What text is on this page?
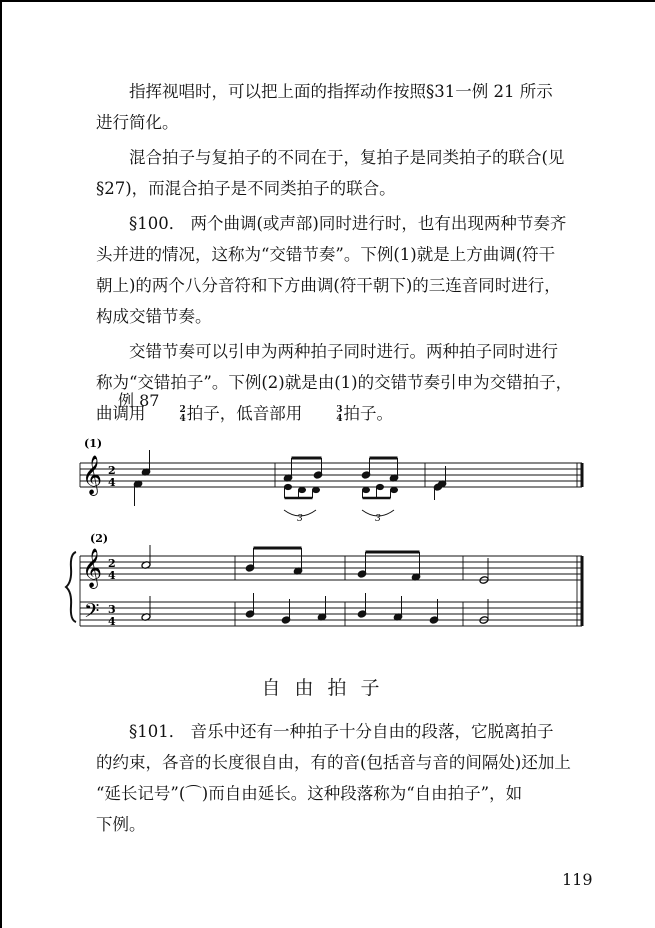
指挥视唱时，可以把上面的指挥动作按照§31一例 21 所示
进行简化。

混合拍子与复拍子的不同在于，复拍子是同类拍子的联合(见
§27)，而混合拍子是不同类拍子的联合。

§100． 两个曲调(或声部)同时进行时，也有出现两种节奏齐
头并进的情况，这称为“交错节奏”。下例(1)就是上方曲调(符干
朝上)的两个八分音符和下方曲调(符干朝下)的三连音同时进行，
构成交错节奏。

交错节奏可以引申为两种拍子同时进行。两种拍子同时进行
称为“交错拍子”。下例(2)就是由(1)的交错节奏引申为交错拍子，
曲调用	2
4 拍子，低音部用	3
4 拍子。

例 87
(1)
𝄞 2
4
3	3
(2)
𝄞 2
4
𝄢 3
4
自由拍子

§101． 音乐中还有一种拍子十分自由的段落，它脱离拍子
的约束，各音的长度很自由，有的音(包括音与音的间隔处)还加上
“延长记号”(⌒)而自由延长。这种段落称为“自由拍子”，如
下例。

119
